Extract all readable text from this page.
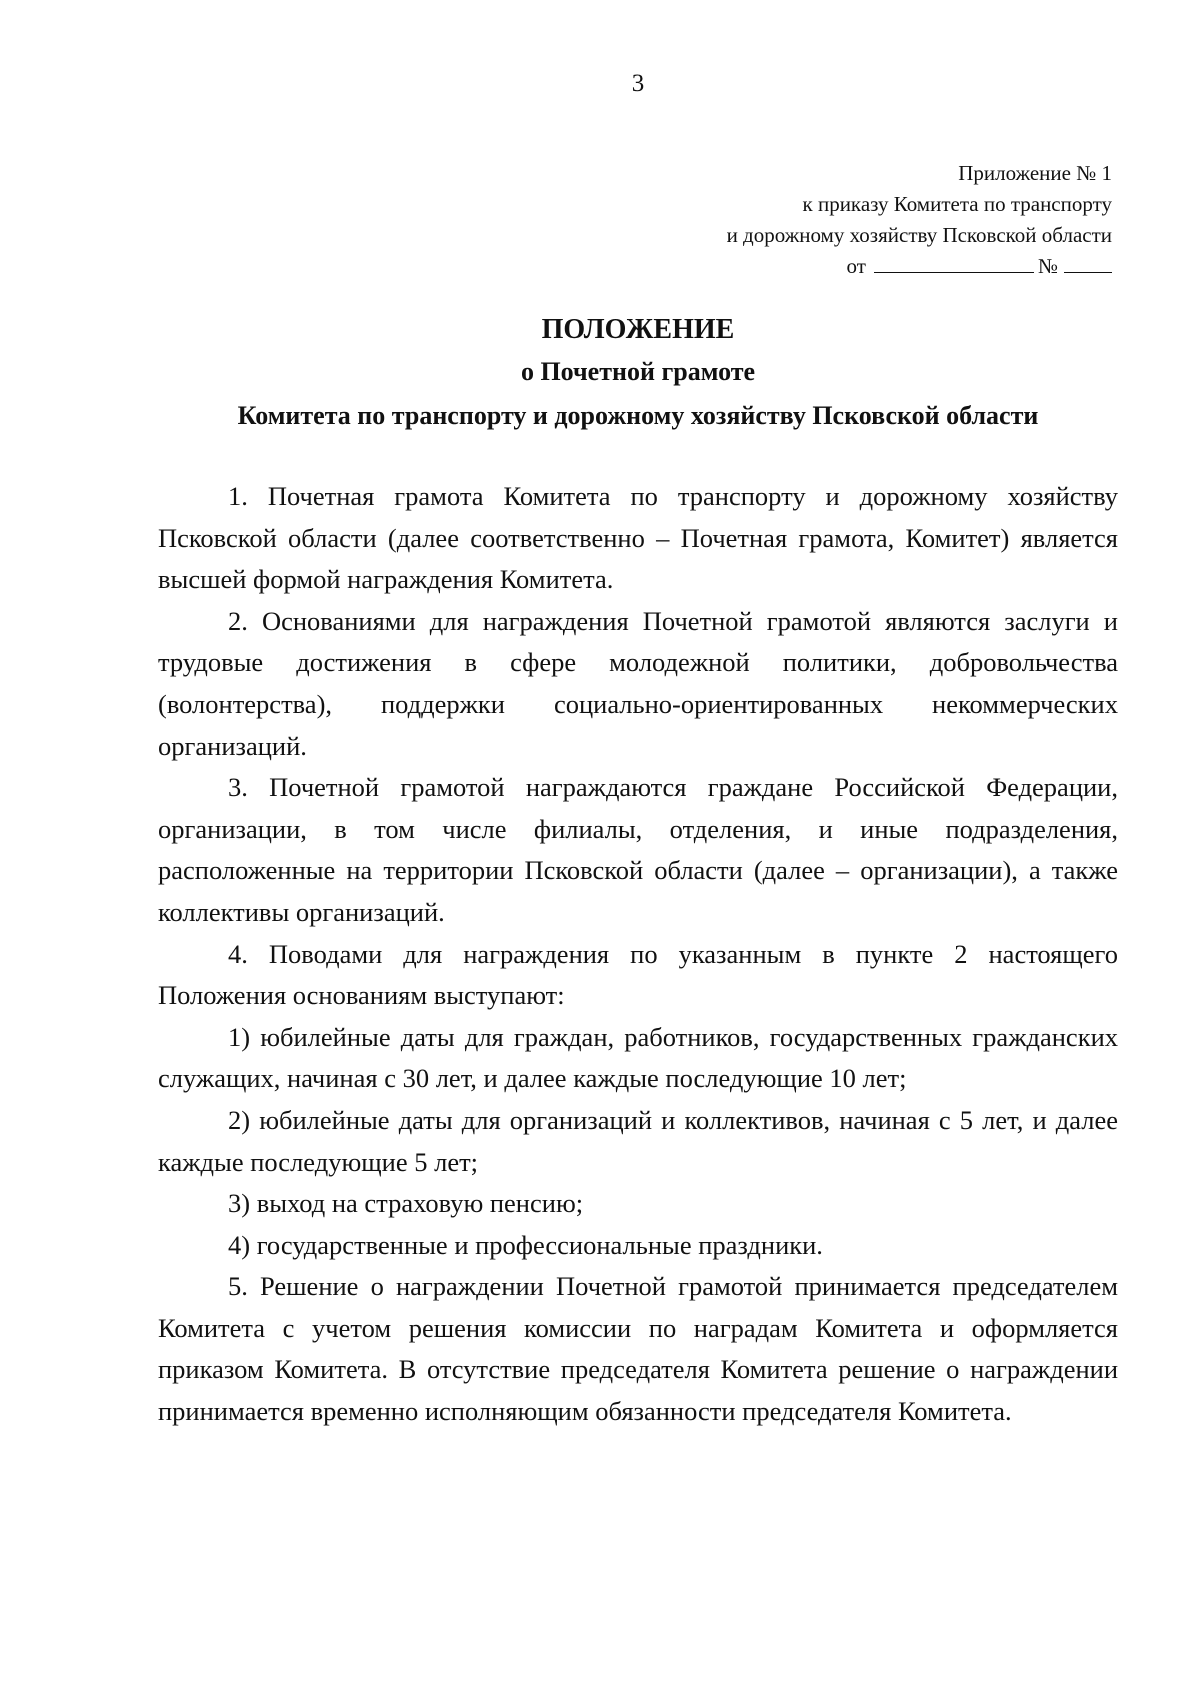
3
Приложение № 1
к приказу Комитета по транспорту
и дорожному хозяйству Псковской области
от	№
ПОЛОЖЕНИЕ
о Почетной грамоте
Комитета по транспорту и дорожному хозяйству Псковской области

1. Почетная грамота Комитета по транспорту и дорожному хозяйству Псковской области (далее соответственно – Почетная грамота, Комитет) является высшей формой награждения Комитета.

2. Основаниями для награждения Почетной грамотой являются заслуги и трудовые достижения в сфере молодежной политики, добровольчества (волонтерства), поддержки социально-ориентированных некоммерческих организаций.

3. Почетной грамотой награждаются граждане Российской Федерации, организации, в том числе филиалы, отделения, и иные подразделения, расположенные на территории Псковской области (далее – организации), а также коллективы организаций.

4. Поводами для награждения по указанным в пункте 2 настоящего Положения основаниям выступают:

1) юбилейные даты для граждан, работников, государственных гражданских служащих, начиная с 30 лет, и далее каждые последующие 10 лет;

2) юбилейные даты для организаций и коллективов, начиная с 5 лет, и далее каждые последующие 5 лет;

3) выход на страховую пенсию;

4) государственные и профессиональные праздники.

5. Решение о награждении Почетной грамотой принимается председателем Комитета с учетом решения комиссии по наградам Комитета и оформляется приказом Комитета. В отсутствие председателя Комитета решение о награждении принимается временно исполняющим обязанности председателя Комитета.
